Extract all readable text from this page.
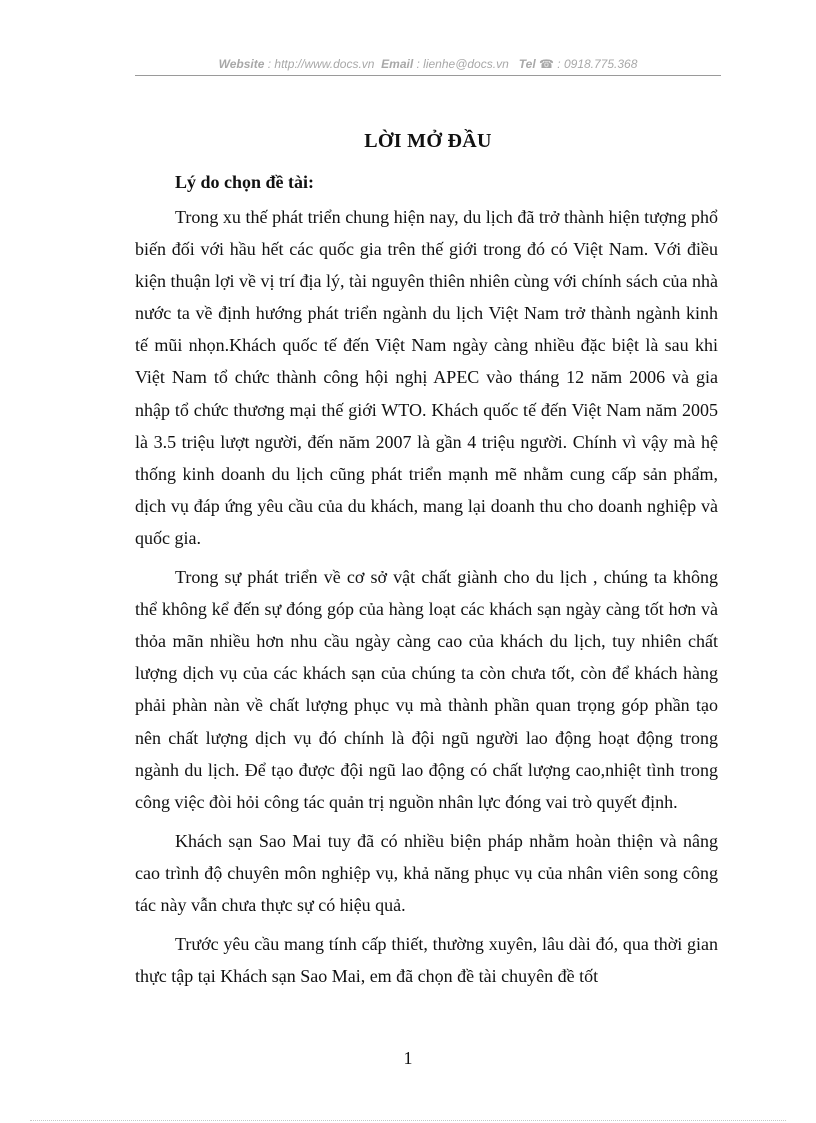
Website : http://www.docs.vn Email : lienhe@docs.vn Tel ☎ : 0918.775.368
LỜI MỞ ĐẦU
Lý do chọn đề tài:

Trong xu thế phát triển chung hiện nay, du lịch đã trở thành hiện tượng phổ biến đối với hầu hết các quốc gia trên thế giới trong đó có Việt Nam. Với điều kiện thuận lợi về vị trí địa lý, tài nguyên thiên nhiên cùng với chính sách của nhà nước ta về định hướng phát triển ngành du lịch Việt Nam trở thành ngành kinh tế mũi nhọn.Khách quốc tế đến Việt Nam ngày càng nhiều đặc biệt là sau khi Việt Nam tổ chức thành công hội nghị APEC vào tháng 12 năm 2006 và gia nhập tổ chức thương mại thế giới WTO. Khách quốc tế đến Việt Nam năm 2005 là 3.5 triệu lượt người, đến năm 2007 là gần 4 triệu người. Chính vì vậy mà hệ thống kinh doanh du lịch cũng phát triển mạnh mẽ nhằm cung cấp sản phẩm, dịch vụ đáp ứng yêu cầu của du khách, mang lại doanh thu cho doanh nghiệp và quốc gia.

Trong sự phát triển về cơ sở vật chất giành cho du lịch , chúng ta không thể không kể đến sự đóng góp của hàng loạt các khách sạn ngày càng tốt hơn và thỏa mãn nhiều hơn nhu cầu ngày càng cao của khách du lịch, tuy nhiên chất lượng dịch vụ của các khách sạn của chúng ta còn chưa tốt, còn để khách hàng phải phàn nàn về chất lượng phục vụ mà thành phần quan trọng góp phần tạo nên chất lượng dịch vụ đó chính là đội ngũ người lao động hoạt động trong ngành du lịch. Để tạo được đội ngũ lao động có chất lượng cao,nhiệt tình trong công việc đòi hỏi công tác quản trị nguồn nhân lực đóng vai trò quyết định.

Khách sạn Sao Mai tuy đã có nhiều biện pháp nhằm hoàn thiện và nâng cao trình độ chuyên môn nghiệp vụ, khả năng phục vụ của nhân viên song công tác này vẫn chưa thực sự có hiệu quả.

Trước yêu cầu mang tính cấp thiết, thường xuyên, lâu dài đó, qua thời gian thực tập tại Khách sạn Sao Mai, em đã chọn đề tài chuyên đề tốt

1
